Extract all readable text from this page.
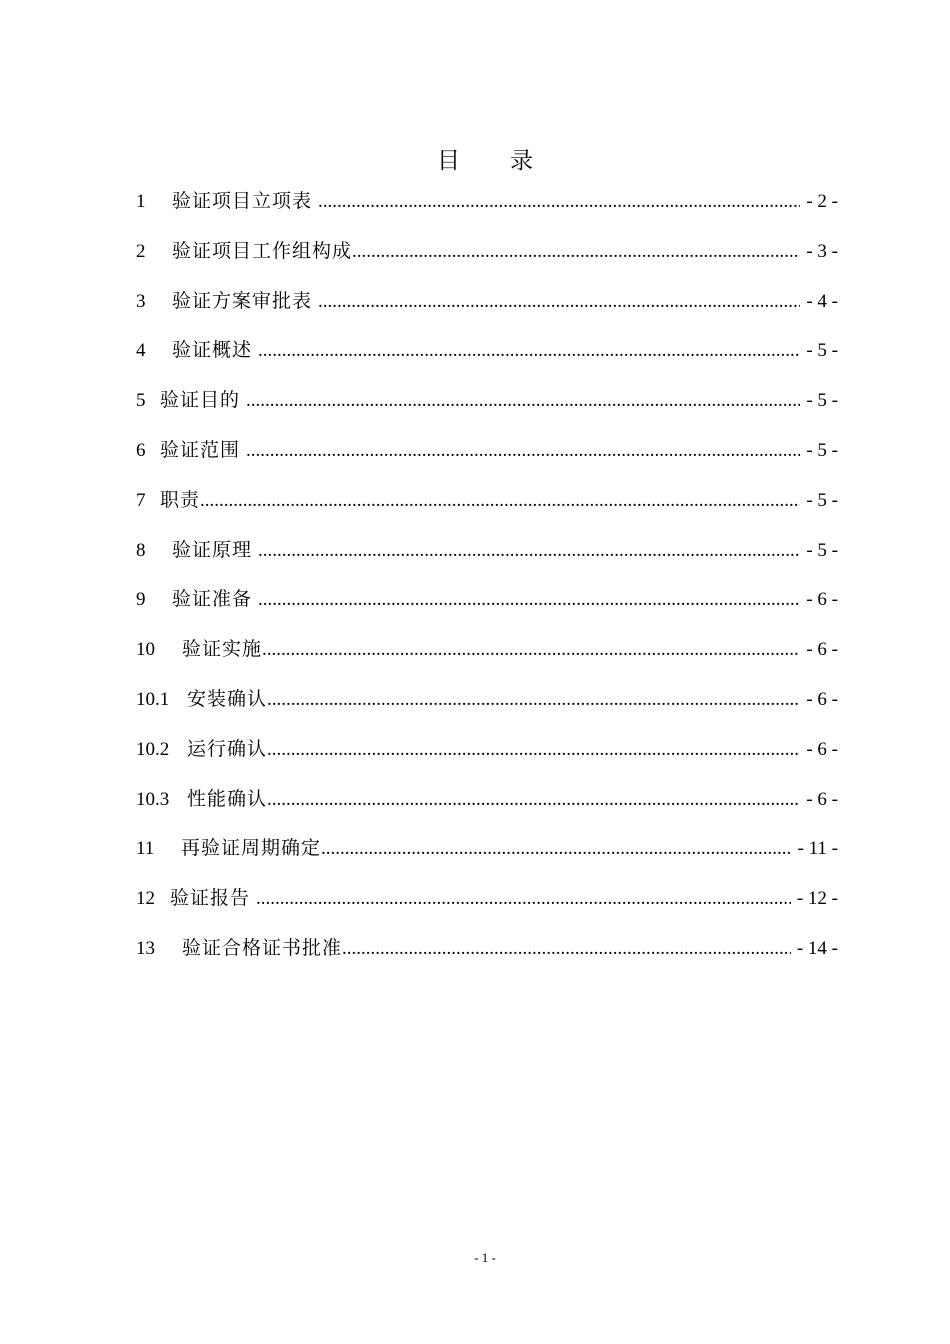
目 录
1	验证项目立项表 .....	- 2 -
2	验证项目工作组构成 .....	- 3 -
3	验证方案审批表 .....	- 4 -
4	验证概述 .....	- 5 -
5 验证目的 .....	- 5 -
6 验证范围 .....	- 5 -
7 职责 .....	- 5 -
8	验证原理 .....	- 5 -
9	验证准备 .....	- 6 -
10	验证实施 .....	- 6 -
10.1 安装确认 .....	- 6 -
10.2 运行确认 .....	- 6 -
10.3 性能确认 .....	- 6 -
11	再验证周期确定 .....	- 11 -
12 验证报告 .....	- 12 -
13	验证合格证书批准 .....	- 14 -
- 1 -
